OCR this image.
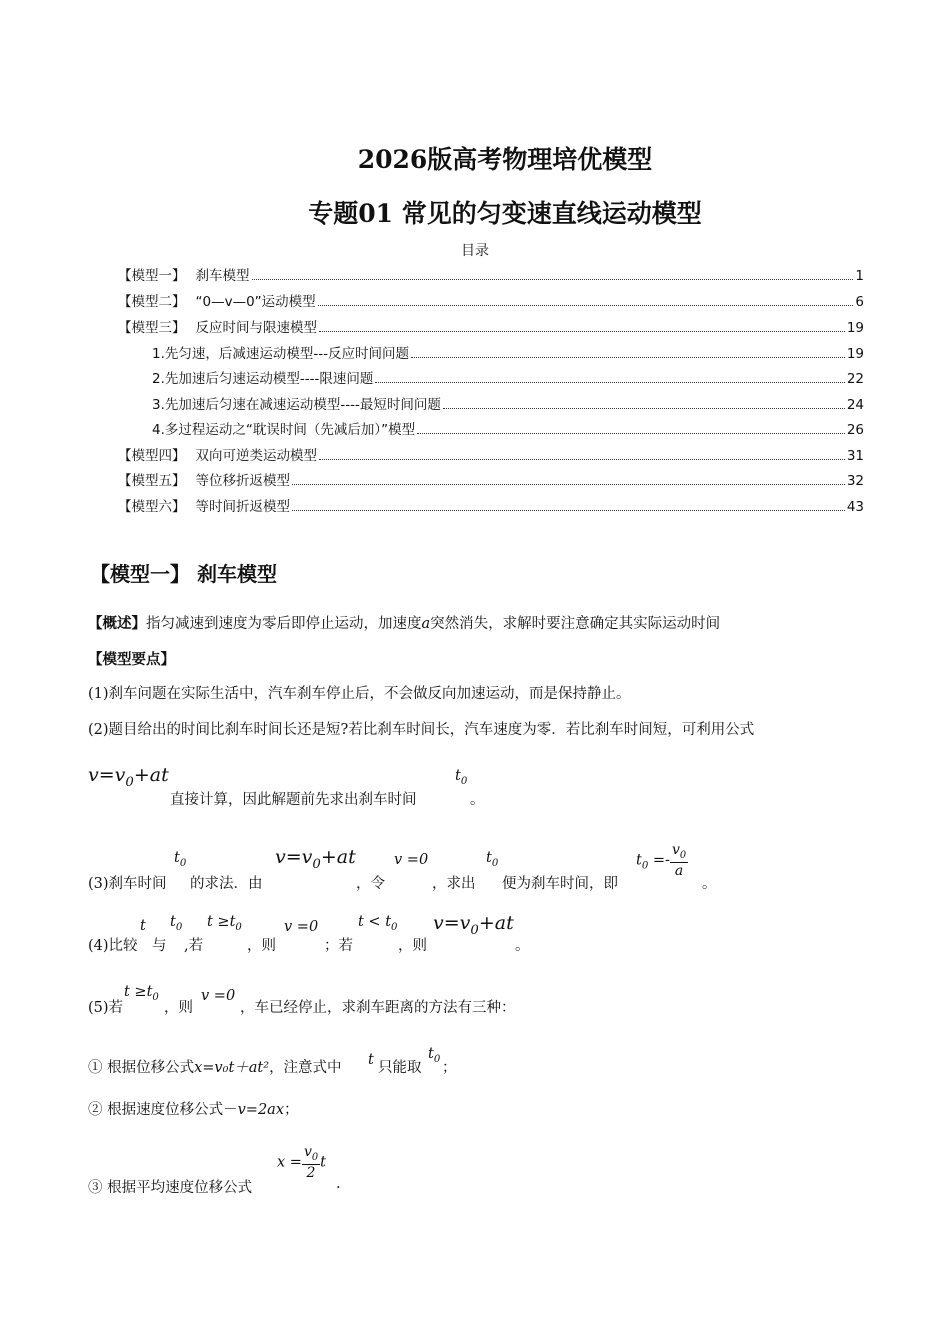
2026版高考物理培优模型
专题01 常见的匀变速直线运动模型
目录
【模型一】 刹车模型	1
【模型二】 “0—v—0”运动模型	6
【模型三】 反应时间与限速模型	19
1.先匀速，后减速运动模型---反应时间问题	19
2.先加速后匀速运动模型----限速问题	22
3.先加速后匀速在减速运动模型----最短时间问题	24
4.多过程运动之“耽误时间（先减后加）”模型	26
【模型四】 双向可逆类运动模型	31
【模型五】 等位移折返模型	32
【模型六】 等时间折返模型	43
【模型一】 刹车模型
【概述】指匀减速到速度为零后即停止运动，加速度a突然消失，求解时要注意确定其实际运动时间
【模型要点】
(1)刹车问题在实际生活中，汽车刹车停止后，不会做反向加速运动，而是保持静止。
(2)题目给出的时间比刹车时间长还是短?若比刹车时间长，汽车速度为零．若比刹车时间短，可利用公式
$v=v_0+at$
直接计算，因此解题前先求出刹车时间
$t_0$
。
(3)刹车时间
$t_0$
的求法．由
$v=v_0+at$
，令
v =0
，求出
$t_0$
便为刹车时间，即
$t_0 =- \frac{v_0}{a}$
。
(4)比较
t
与
$t_0$
,若
$t \ge t_0$
，则
v =0
；若
$t < t_0$
，则
$v=v_0+at$
。
(5)若
$t \ge t_0$
，则
v =0
，车已经停止，求刹车距离的方法有三种：
① 根据位移公式x=v₀t＋at²，注意式中 t 只能取
$t_0$
；
② 根据速度位移公式－v=2ax；
③ 根据平均速度位移公式
$x = \frac{v_0}{2}$ t
.
